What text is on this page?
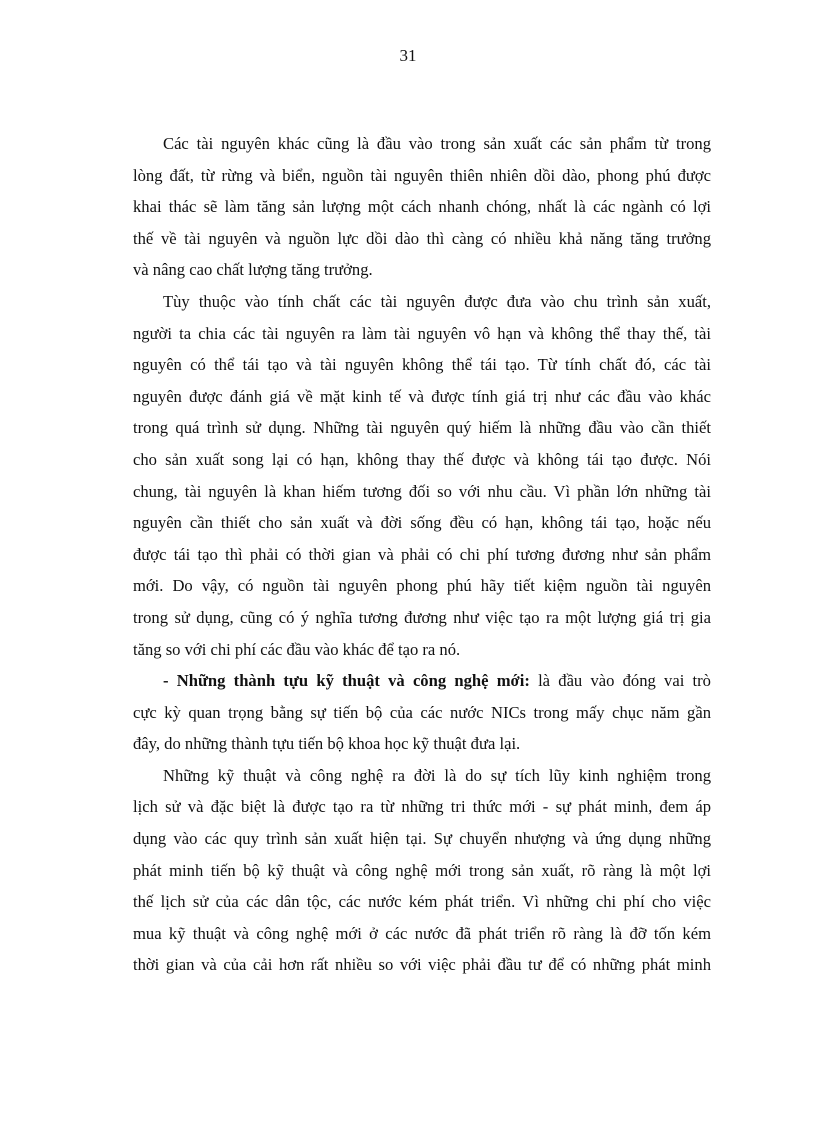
31
Các tài nguyên khác cũng là đầu vào trong sản xuất các sản phẩm từ trong
lòng đất, từ rừng và biển, nguồn tài nguyên thiên nhiên dồi dào, phong phú được
khai thác sẽ làm tăng sản lượng một cách nhanh chóng, nhất là các ngành có lợi
thế về tài nguyên và nguồn lực dồi dào thì càng có nhiều khả năng tăng trưởng
và nâng cao chất lượng tăng trưởng.
Tùy thuộc vào tính chất các tài nguyên được đưa vào chu trình sản xuất,
người ta chia các tài nguyên ra làm tài nguyên vô hạn và không thể thay thế, tài
nguyên có thể tái tạo và tài nguyên không thể tái tạo. Từ tính chất đó, các tài
nguyên được đánh giá về mặt kinh tế và được tính giá trị như các đầu vào khác
trong quá trình sử dụng. Những tài nguyên quý hiếm là những đầu vào cần thiết
cho sản xuất song lại có hạn, không thay thế được và không tái tạo được. Nói
chung, tài nguyên là khan hiếm tương đối so với nhu cầu. Vì phần lớn những tài
nguyên cần thiết cho sản xuất và đời sống đều có hạn, không tái tạo, hoặc nếu
được tái tạo thì phải có thời gian và phải có chi phí tương đương như sản phẩm
mới. Do vậy, có nguồn tài nguyên phong phú hãy tiết kiệm nguồn tài nguyên
trong sử dụng, cũng có ý nghĩa tương đương như việc tạo ra một lượng giá trị gia
tăng so với chi phí các đầu vào khác để tạo ra nó.
- Những thành tựu kỹ thuật và công nghệ mới: là đầu vào đóng vai trò
cực kỳ quan trọng bằng sự tiến bộ của các nước NICs trong mấy chục năm gần
đây, do những thành tựu tiến bộ khoa học kỹ thuật đưa lại.
Những kỹ thuật và công nghệ ra đời là do sự tích lũy kinh nghiệm trong
lịch sử và đặc biệt là được tạo ra từ những tri thức mới - sự phát minh, đem áp
dụng vào các quy trình sản xuất hiện tại. Sự chuyển nhượng và ứng dụng những
phát minh tiến bộ kỹ thuật và công nghệ mới trong sản xuất, rõ ràng là một lợi
thế lịch sử của các dân tộc, các nước kém phát triển. Vì những chi phí cho việc
mua kỹ thuật và công nghệ mới ở các nước đã phát triển rõ ràng là đỡ tốn kém
thời gian và của cải hơn rất nhiều so với việc phải đầu tư để có những phát minh
